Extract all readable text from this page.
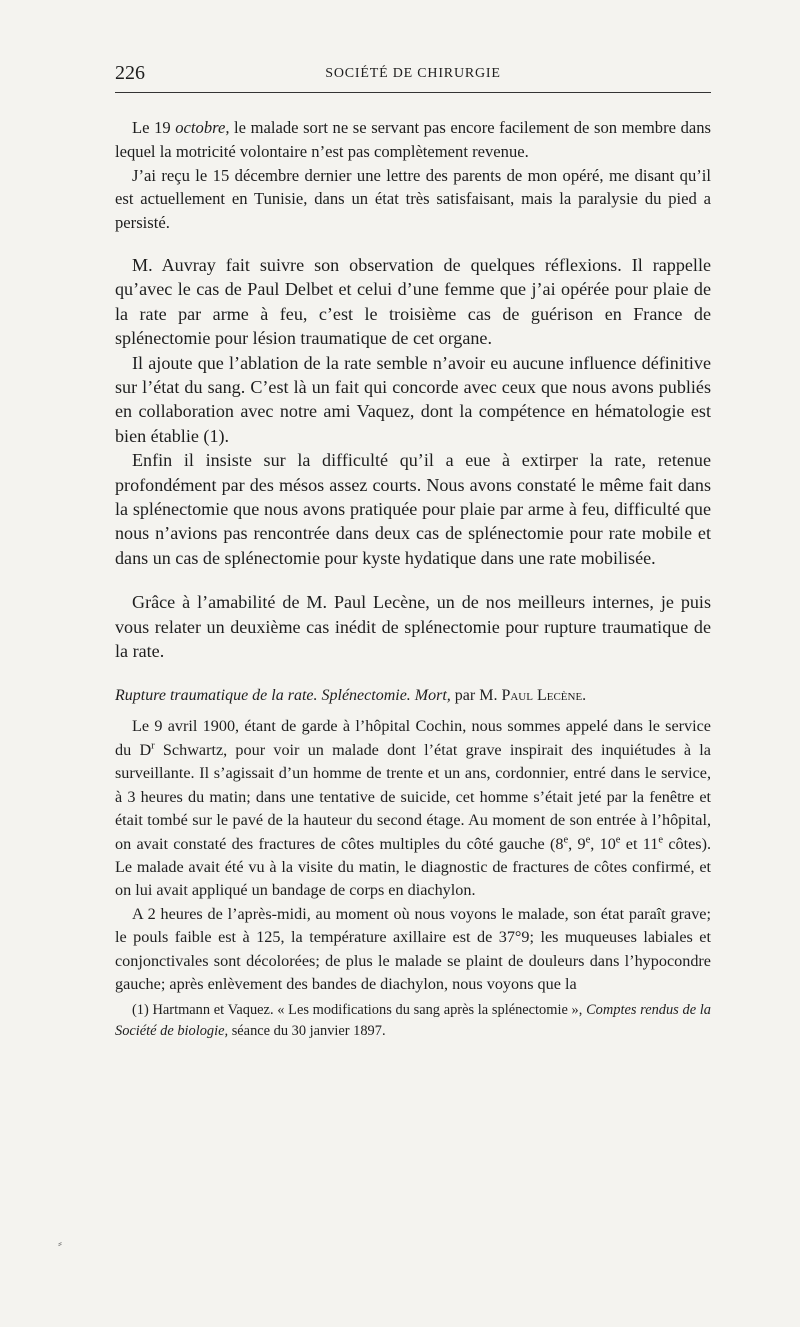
226	SOCIÉTÉ DE CHIRURGIE

Le 19 octobre, le malade sort ne se servant pas encore facilement de son membre dans lequel la motricité volontaire n’est pas complètement revenue.

J’ai reçu le 15 décembre dernier une lettre des parents de mon opéré, me disant qu’il est actuellement en Tunisie, dans un état très satisfaisant, mais la paralysie du pied a persisté.

M. Auvray fait suivre son observation de quelques réflexions. Il rappelle qu’avec le cas de Paul Delbet et celui d’une femme que j’ai opérée pour plaie de la rate par arme à feu, c’est le troisième cas de guérison en France de splénectomie pour lésion traumatique de cet organe.

Il ajoute que l’ablation de la rate semble n’avoir eu aucune influence définitive sur l’état du sang. C’est là un fait qui concorde avec ceux que nous avons publiés en collaboration avec notre ami Vaquez, dont la compétence en hématologie est bien établie (1).

Enfin il insiste sur la difficulté qu’il a eue à extirper la rate, retenue profondément par des mésos assez courts. Nous avons constaté le même fait dans la splénectomie que nous avons pratiquée pour plaie par arme à feu, difficulté que nous n’avions pas rencontrée dans deux cas de splénectomie pour rate mobile et dans un cas de splénectomie pour kyste hydatique dans une rate mobilisée.

Grâce à l’amabilité de M. Paul Lecène, un de nos meilleurs internes, je puis vous relater un deuxième cas inédit de splénectomie pour rupture traumatique de la rate.

Rupture traumatique de la rate. Splénectomie. Mort, par M. Paul Lecène.

Le 9 avril 1900, étant de garde à l’hôpital Cochin, nous sommes appelé dans le service du $D^r$ Schwartz, pour voir un malade dont l’état grave inspirait des inquiétudes à la surveillante. Il s’agissait d’un homme de trente et un ans, cordonnier, entré dans le service, à 3 heures du matin; dans une tentative de suicide, cet homme s’était jeté par la fenêtre et était tombé sur le pavé de la hauteur du second étage. Au moment de son entrée à l’hôpital, on avait constaté des fractures de côtes multiples du côté gauche (8e, 9e, 10e et 11e côtes). Le malade avait été vu à la visite du matin, le diagnostic de fractures de côtes confirmé, et on lui avait appliqué un bandage de corps en diachylon.

A 2 heures de l’après-midi, au moment où nous voyons le malade, son état paraît grave; le pouls faible est à 125, la température axillaire est de 37°9; les muqueuses labiales et conjonctivales sont décolorées; de plus le malade se plaint de douleurs dans l’hypocondre gauche; après enlèvement des bandes de diachylon, nous voyons que la

(1) Hartmann et Vaquez. « Les modifications du sang après la splénectomie », Comptes rendus de la Société de biologie, séance du 30 janvier 1897.

⸗
